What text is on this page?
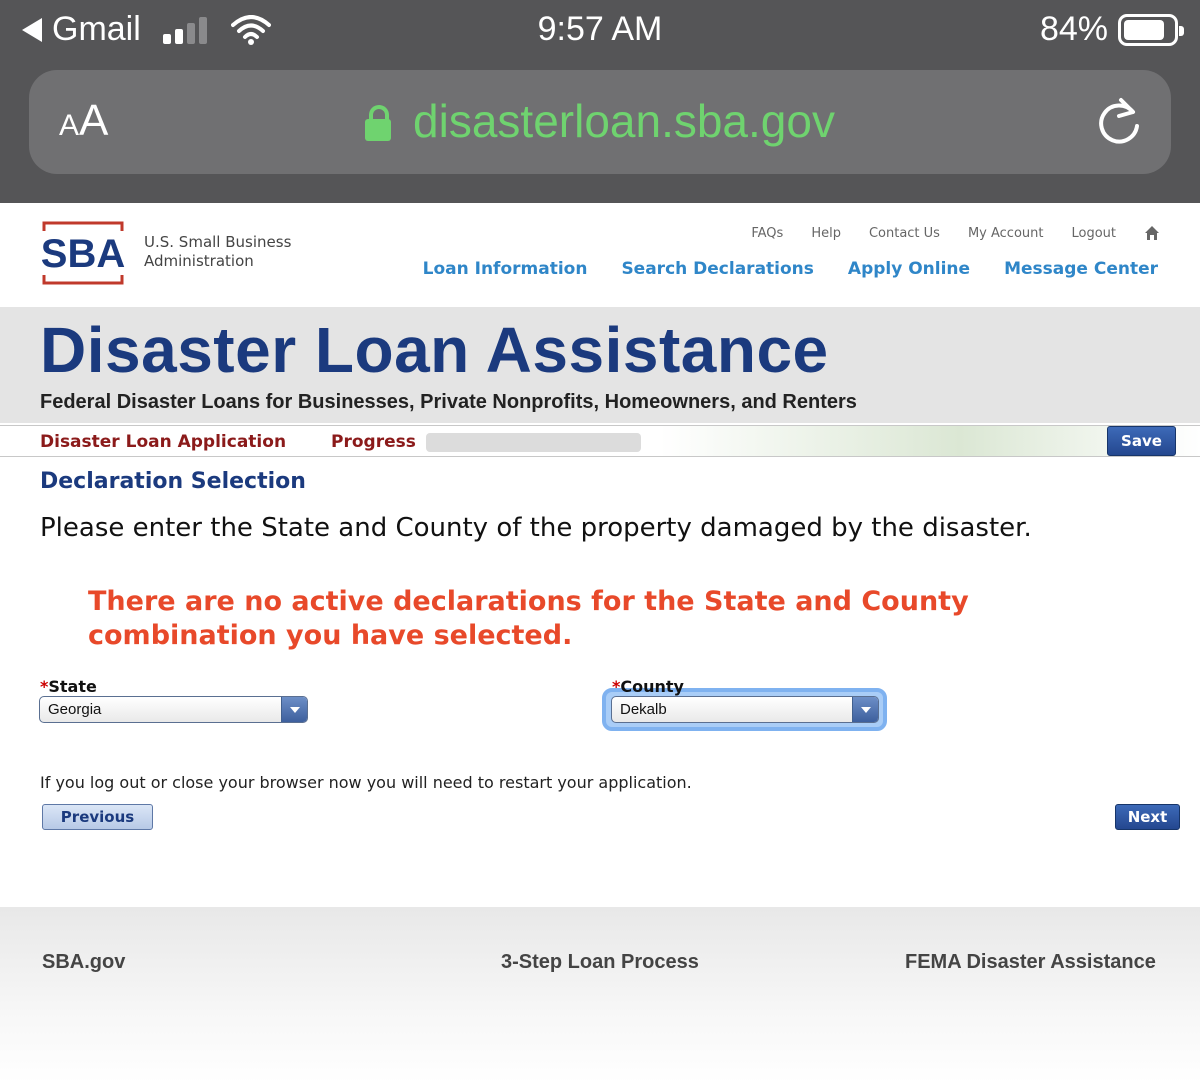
Gmail	9:57 AM	84%
AA	disasterloan.sba.gov
SBA U.S. Small Business
Administration
FAQs Help Contact Us My Account Logout
Loan Information Search Declarations Apply Online Message Center
Disaster Loan Assistance
Federal Disaster Loans for Businesses, Private Nonprofits, Homeowners, and Renters
Disaster Loan Application	Progress	Save
Declaration Selection
Please enter the State and County of the property damaged by the disaster.
There are no active declarations for the State and County combination you have selected.
*State
Georgia
*County
Dekalb
If you log out or close your browser now you will need to restart your application.
Previous	Next
SBA.gov	3-Step Loan Process	FEMA Disaster Assistance
